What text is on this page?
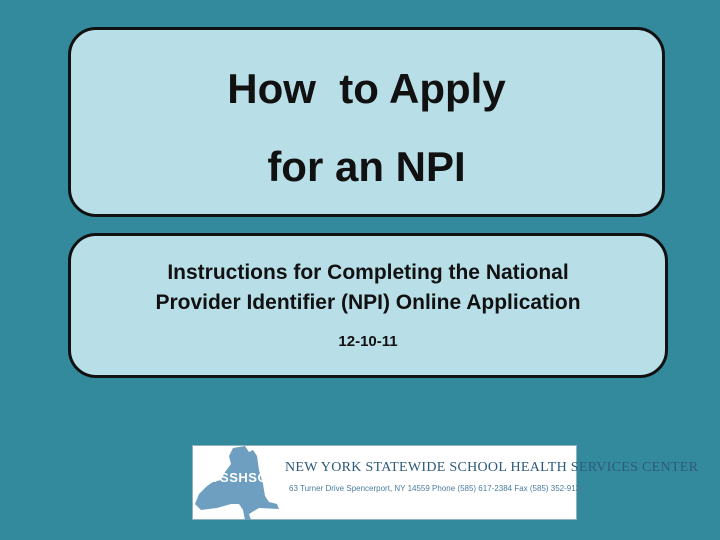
How  to Apply
for an NPI
Instructions for Completing the National
Provider Identifier (NPI) Online Application
12-10-11
NYSSHSC
NEW YORK STATEWIDE SCHOOL HEALTH SERVICES CENTER
63 Turner Drive Spencerport, NY 14559 Phone (585) 617-2384 Fax (585) 352-9131
